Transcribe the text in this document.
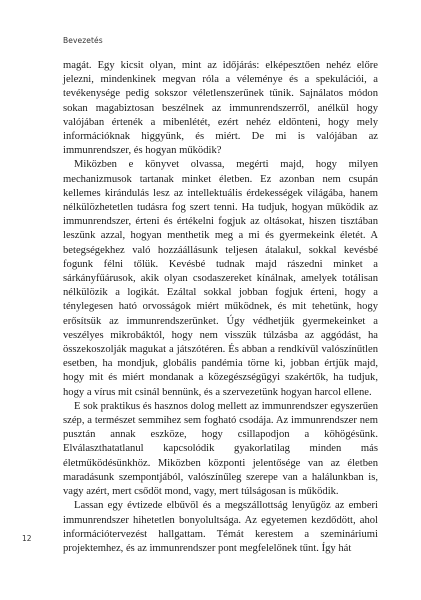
Bevezetés

magát. Egy kicsit olyan, mint az időjárás: elképesztően nehéz előre jelezni, mindenkinek megvan róla a véleménye és a spekulációi, a tevékenysége pedig sokszor véletlenszerűnek tűnik. Sajnálatos módon sokan magabiztosan beszélnek az immunrendszerről, anélkül hogy valójában értenék a mibenlétét, ezért nehéz eldönteni, hogy mely információknak higgyünk, és miért. De mi is valójában az immunrendszer, és hogyan működik?

Miközben e könyvet olvassa, megérti majd, hogy milyen mechanizmusok tartanak minket életben. Ez azonban nem csupán kellemes kirándulás lesz az intellektuális érdekességek világába, hanem nélkülözhetetlen tudásra fog szert tenni. Ha tudjuk, hogyan működik az immunrendszer, érteni és értékelni fogjuk az oltásokat, hiszen tisztában leszünk azzal, hogyan menthetik meg a mi és gyermekeink életét. A betegségekhez való hozzáállásunk teljesen átalakul, sokkal kevésbé fogunk félni tőlük. Kevésbé tudnak majd rászedni minket a sárkányfűárusok, akik olyan csodaszereket kínálnak, amelyek totálisan nélkülözik a logikát. Ezáltal sokkal jobban fogjuk érteni, hogy a ténylegesen ható orvosságok miért működnek, és mit tehetünk, hogy erősítsük az immunrendszerünket. Úgy védhetjük gyermekeinket a veszélyes mikrobáktól, hogy nem visszük túlzásba az aggódást, ha összekoszolják magukat a játszótéren. És abban a rendkívül valószínűtlen esetben, ha mondjuk, globális pandémia törne ki, jobban értjük majd, hogy mit és miért mondanak a közegészségügyi szakértők, ha tudjuk, hogy a vírus mit csinál bennünk, és a szervezetünk hogyan harcol ellene.

E sok praktikus és hasznos dolog mellett az immunrendszer egyszerűen szép, a természet semmihez sem fogható csodája. Az immunrendszer nem pusztán annak eszköze, hogy csillapodjon a köhögésünk. Elválaszthatatlanul kapcsolódik gyakorlatilag minden más életműködésünkhöz. Miközben központi jelentősége van az életben maradásunk szempontjából, valószínűleg szerepe van a halálunkban is, vagy azért, mert csődöt mond, vagy, mert túlságosan is működik.

Lassan egy évtizede elbűvöl és a megszállottság lenyűgöz az emberi immunrendszer hihetetlen bonyolultsága. Az egyetemen kezdődött, ahol információtervezést hallgattam. Témát kerestem a szemináriumi projektemhez, és az immunrendszer pont megfelelőnek tűnt. Így hát

12
